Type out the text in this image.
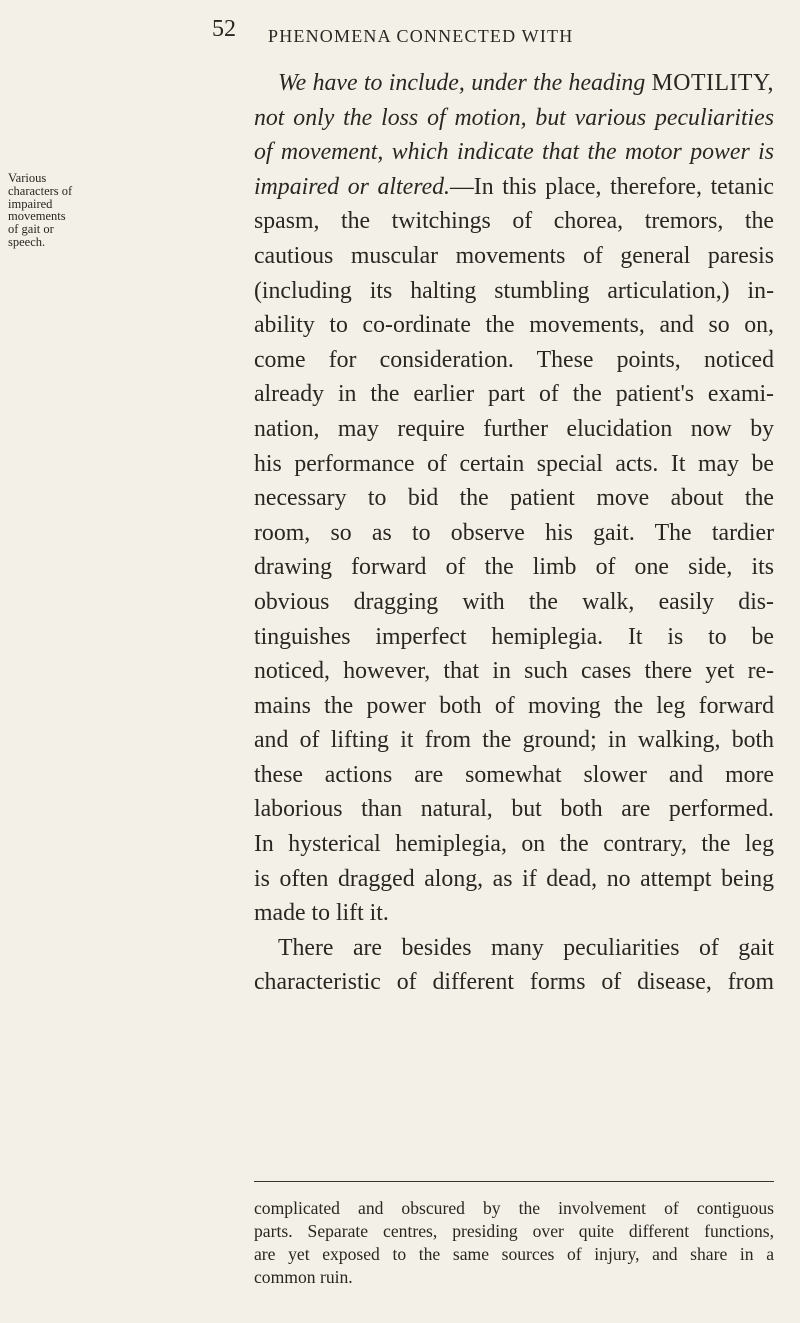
52 PHENOMENA CONNECTED WITH
Various
characters of
impaired
movements
of gait or
speech.
We have to include, under the heading MOTILITY,
not only the loss of motion, but various peculiarities
of movement, which indicate that the motor power is
impaired or altered.—In this place, therefore, tetanic
spasm, the twitchings of chorea, tremors, the
cautious muscular movements of general paresis
(including its halting stumbling articulation,) in-
ability to co-ordinate the movements, and so on,
come for consideration. These points, noticed
already in the earlier part of the patient's exami-
nation, may require further elucidation now by
his performance of certain special acts. It may be
necessary to bid the patient move about the
room, so as to observe his gait. The tardier
drawing forward of the limb of one side, its
obvious dragging with the walk, easily dis-
tinguishes imperfect hemiplegia. It is to be
noticed, however, that in such cases there yet re-
mains the power both of moving the leg forward
and of lifting it from the ground; in walking, both
these actions are somewhat slower and more
laborious than natural, but both are performed.
In hysterical hemiplegia, on the contrary, the leg
is often dragged along, as if dead, no attempt being
made to lift it.
There are besides many peculiarities of gait
characteristic of different forms of disease, from
complicated and obscured by the involvement of contiguous
parts. Separate centres, presiding over quite different functions,
are yet exposed to the same sources of injury, and share in a
common ruin.
